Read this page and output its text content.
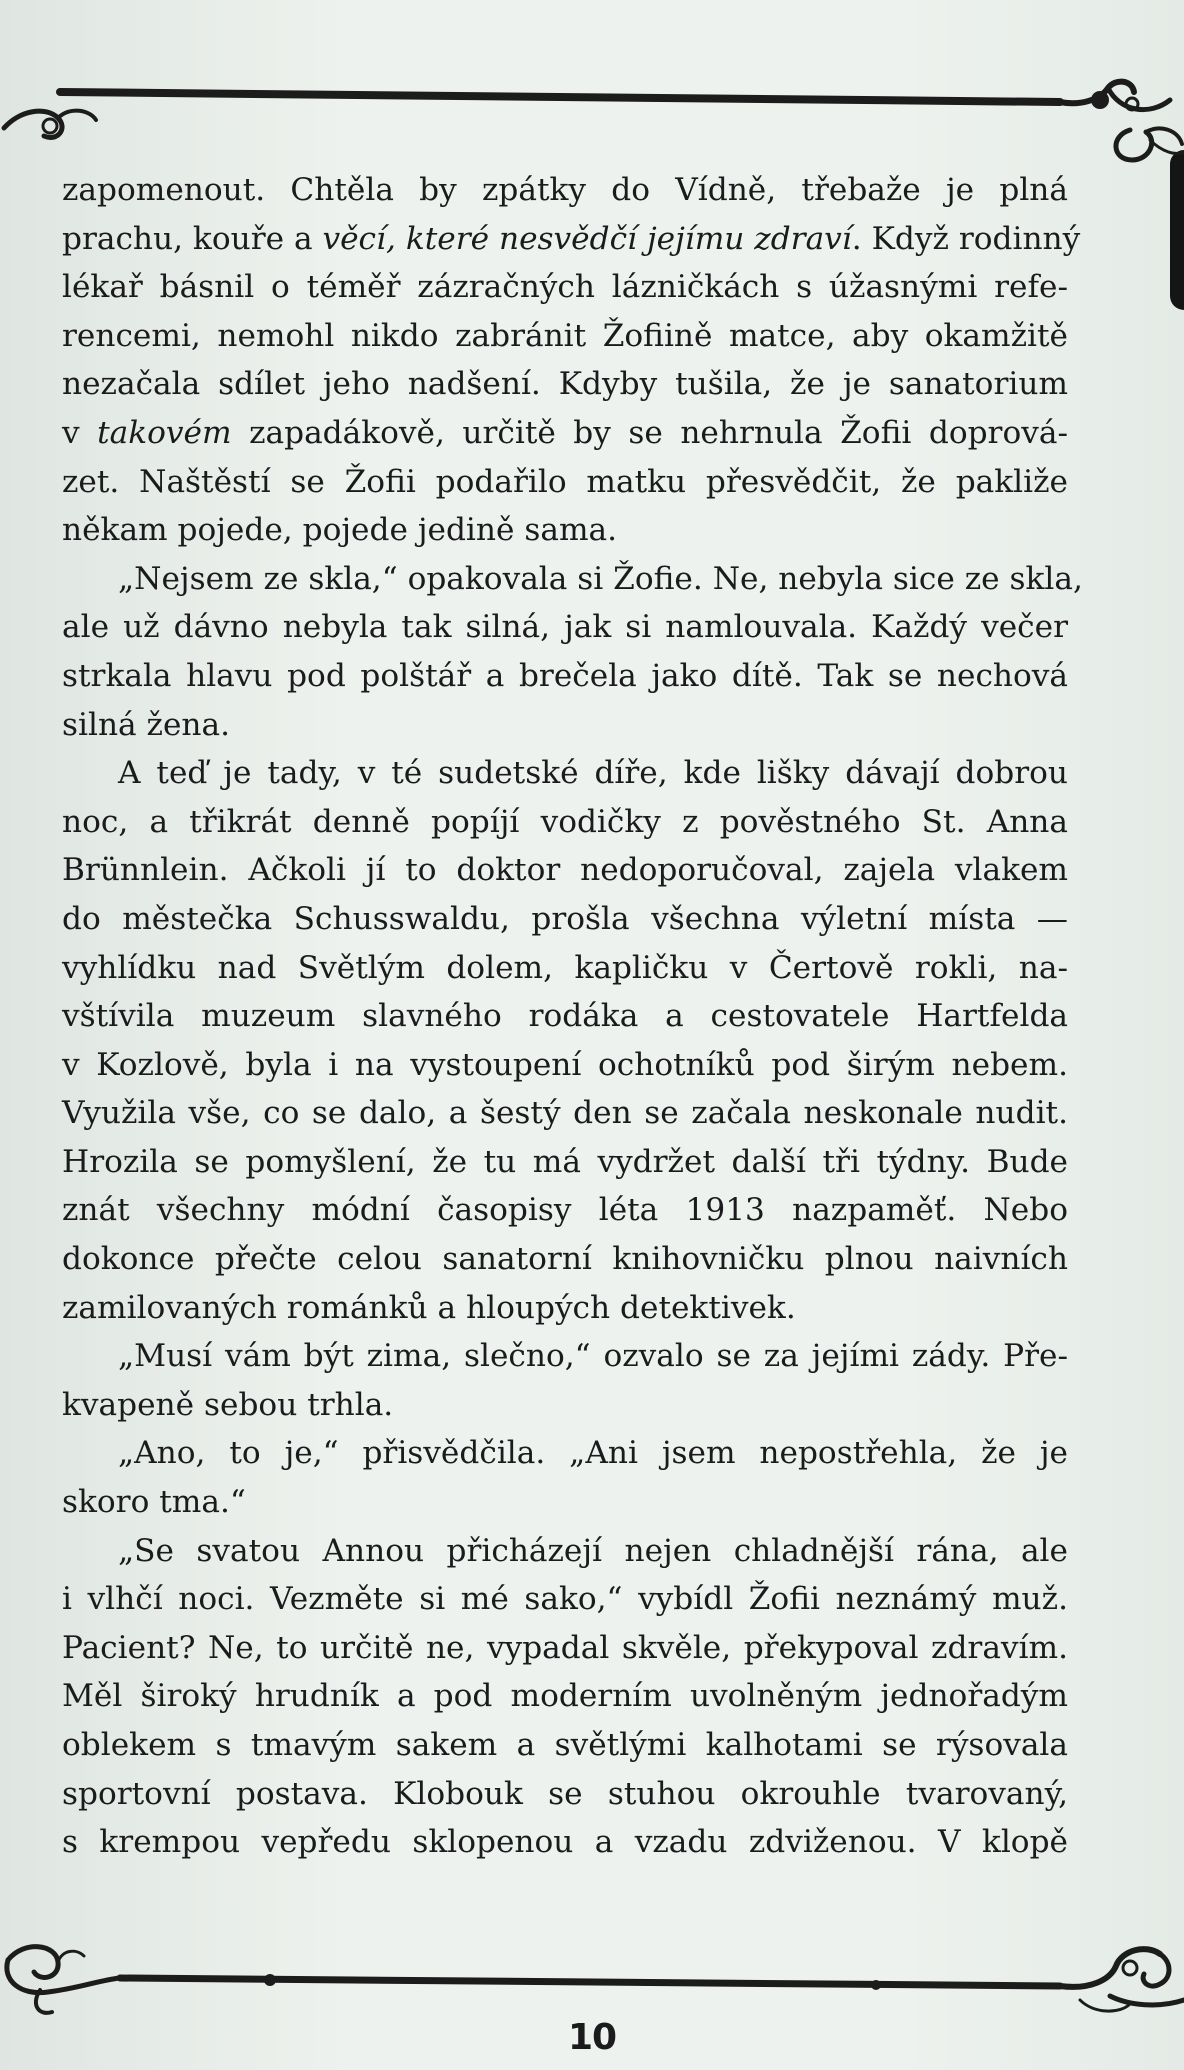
zapomenout. Chtěla by zpátky do Vídně, třebaže je plná
prachu, kouře a věcí, které nesvědčí jejímu zdraví. Když rodinný
lékař básnil o téměř zázračných lázničkách s úžasnými refe-
rencemi, nemohl nikdo zabránit Žofiině matce, aby okamžitě
nezačala sdílet jeho nadšení. Kdyby tušila, že je sanatorium
v takovém zapadákově, určitě by se nehrnula Žofii doprová-
zet. Naštěstí se Žofii podařilo matku přesvědčit, že pakliže
někam pojede, pojede jedině sama.

„Nejsem ze skla,“ opakovala si Žofie. Ne, nebyla sice ze skla,
ale už dávno nebyla tak silná, jak si namlouvala. Každý večer
strkala hlavu pod polštář a brečela jako dítě. Tak se nechová
silná žena.

A teď je tady, v té sudetské díře, kde lišky dávají dobrou
noc, a třikrát denně popíjí vodičky z pověstného St. Anna
Brünnlein. Ačkoli jí to doktor nedoporučoval, zajela vlakem
do městečka Schusswaldu, prošla všechna výletní místa —
vyhlídku nad Světlým dolem, kapličku v Čertově rokli, na-
vštívila muzeum slavného rodáka a cestovatele Hartfelda
v Kozlově, byla i na vystoupení ochotníků pod širým nebem.
Využila vše, co se dalo, a šestý den se začala neskonale nudit.
Hrozila se pomyšlení, že tu má vydržet další tři týdny. Bude
znát všechny módní časopisy léta 1913 nazpaměť. Nebo
dokonce přečte celou sanatorní knihovničku plnou naivních
zamilovaných románků a hloupých detektivek.

„Musí vám být zima, slečno,“ ozvalo se za jejími zády. Pře-
kvapeně sebou trhla.

„Ano, to je,“ přisvědčila. „Ani jsem nepostřehla, že je
skoro tma.“

„Se svatou Annou přicházejí nejen chladnější rána, ale
i vlhčí noci. Vezměte si mé sako,“ vybídl Žofii neznámý muž.
Pacient? Ne, to určitě ne, vypadal skvěle, překypoval zdravím.
Měl široký hrudník a pod moderním uvolněným jednořadým
oblekem s tmavým sakem a světlými kalhotami se rýsovala
sportovní postava. Klobouk se stuhou okrouhle tvarovaný,
s krempou vepředu sklopenou a vzadu zdviženou. V klopě

10
